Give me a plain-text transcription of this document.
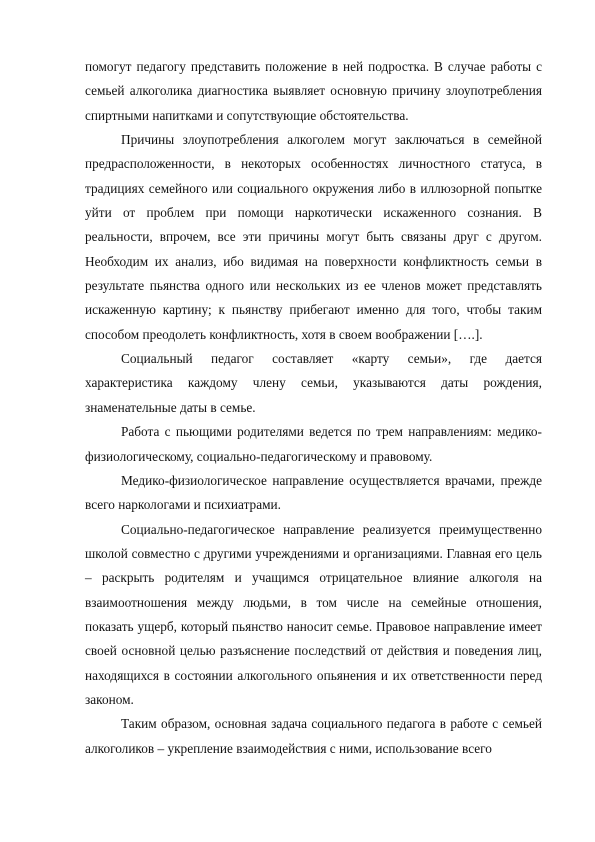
помогут педагогу представить положение в ней подростка. В случае работы с семьей алкоголика диагностика выявляет основную причину злоупотребления спиртными напитками и сопутствующие обстоятельства.

Причины злоупотребления алкоголем могут заключаться в семейной предрасположенности, в некоторых особенностях личностного статуса, в традициях семейного или социального окружения либо в иллюзорной попытке уйти от проблем при помощи наркотически искаженного сознания. В реальности, впрочем, все эти причины могут быть связаны друг с другом. Необходим их анализ, ибо видимая на поверхности конфликтность семьи в результате пьянства одного или нескольких из ее членов может представлять искаженную картину; к пьянству прибегают именно для того, чтобы таким способом преодолеть конфликтность, хотя в своем воображении [….].

Социальный педагог составляет «карту семьи», где дается характеристика каждому члену семьи, указываются даты рождения, знаменательные даты в семье.

Работа с пьющими родителями ведется по трем направлениям: медико-физиологическому, социально-педагогическому и правовому.

Медико-физиологическое направление осуществляется врачами, прежде всего наркологами и психиатрами.

Социально-педагогическое направление реализуется преимущественно школой совместно с другими учреждениями и организациями. Главная его цель – раскрыть родителям и учащимся отрицательное влияние алкоголя на взаимоотношения между людьми, в том числе на семейные отношения, показать ущерб, который пьянство наносит семье. Правовое направление имеет своей основной целью разъяснение последствий от действия и поведения лиц, находящихся в состоянии алкогольного опьянения и их ответственности перед законом.

Таким образом, основная задача социального педагога в работе с семьей алкоголиков – укрепление взаимодействия с ними, использование всего
